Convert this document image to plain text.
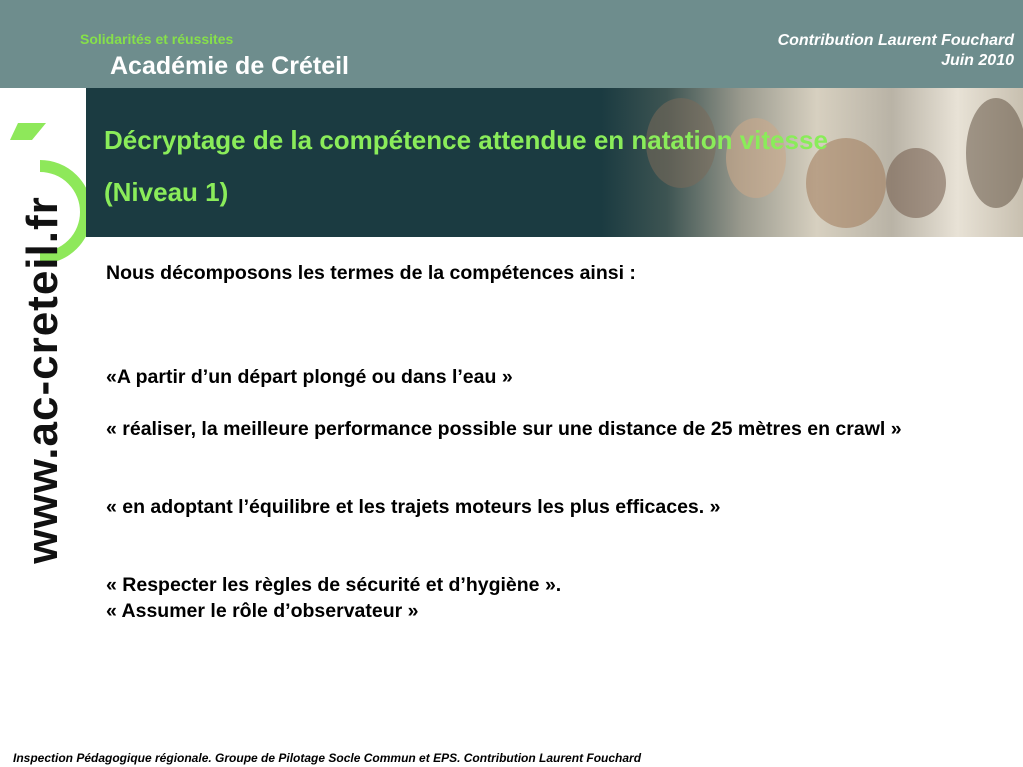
Solidarités et réussites
Académie de Créteil
Contribution Laurent Fouchard
Juin 2010
Décryptage de la compétence attendue en natation vitesse
(Niveau 1)
www.ac-creteil.fr Nous décomposons les termes de la compétences ainsi :

«A partir d’un départ plongé ou dans l’eau »

« réaliser, la meilleure performance possible sur une distance de 25 mètres en crawl »

« en adoptant l’équilibre et les trajets moteurs les plus efficaces. »

« Respecter les règles de sécurité et d’hygiène ».

« Assumer le rôle d’observateur »

Inspection Pédagogique régionale. Groupe de Pilotage Socle Commun et EPS. Contribution Laurent Fouchard
